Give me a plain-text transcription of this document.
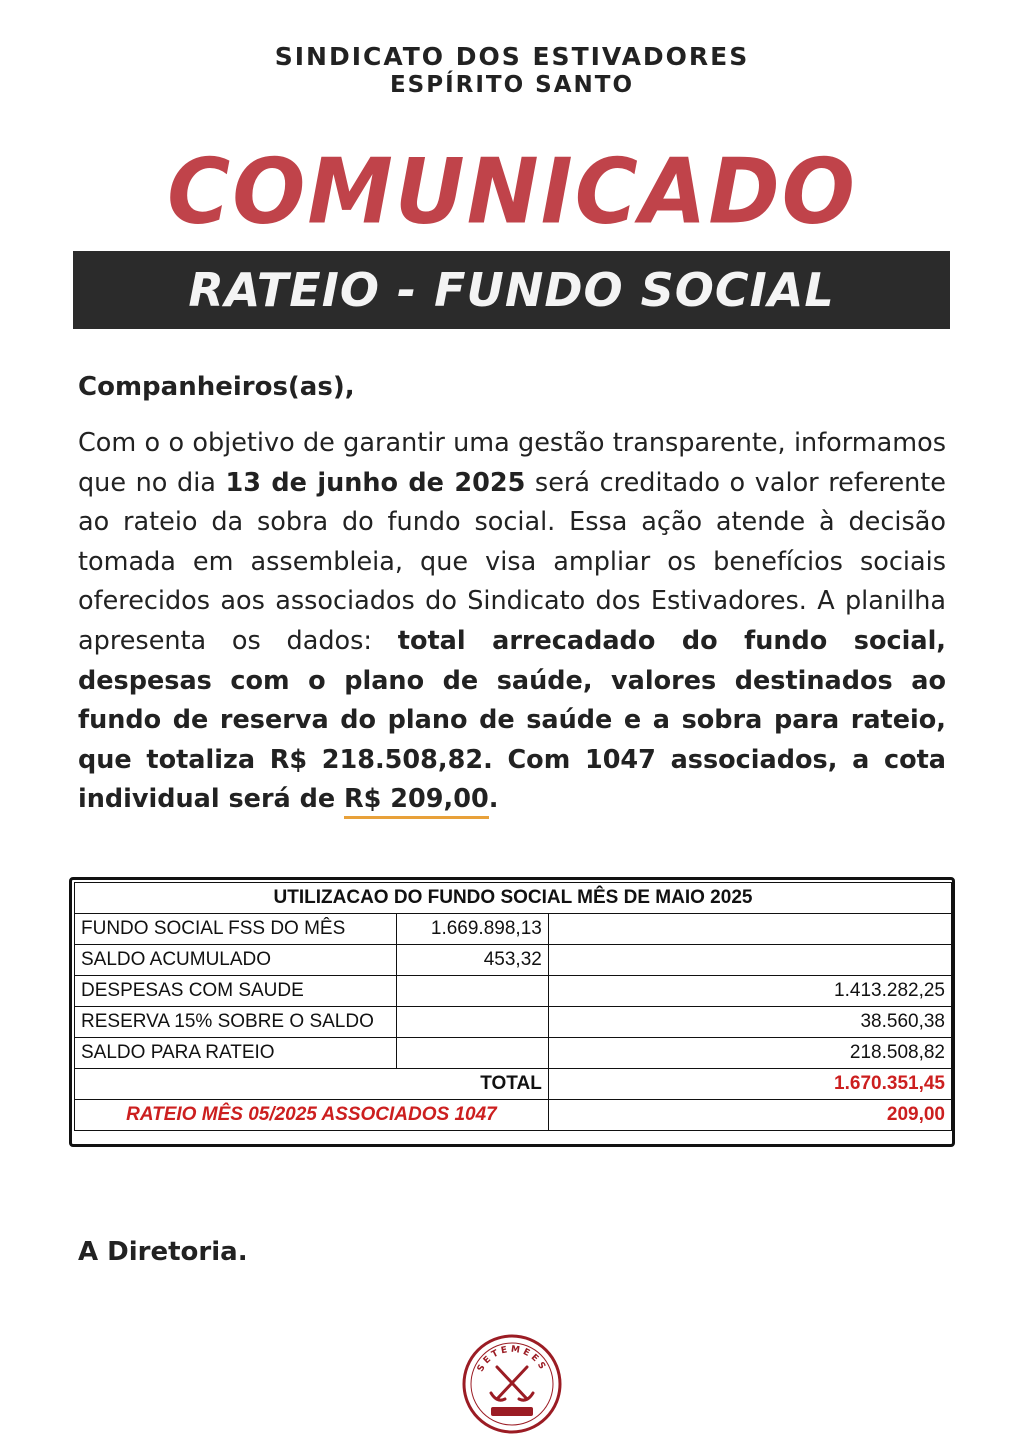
SINDICATO DOS ESTIVADORES
ESPÍRITO SANTO
COMUNICADO
RATEIO - FUNDO SOCIAL
Companheiros(as),
Com o o objetivo de garantir uma gestão transparente, informamos que no dia 13 de junho de 2025 será creditado o valor referente ao rateio da sobra do fundo social. Essa ação atende à decisão tomada em assembleia, que visa ampliar os benefícios sociais oferecidos aos associados do Sindicato dos Estivadores. A planilha apresenta os dados: total arrecadado do fundo social, despesas com o plano de saúde, valores destinados ao fundo de reserva do plano de saúde e a sobra para rateio, que totaliza R$ 218.508,82. Com 1047 associados, a cota individual será de R$ 209,00.
UTILIZACAO DO FUNDO SOCIAL MÊS DE MAIO 2025		
FUNDO SOCIAL FSS DO MÊS	1.669.898,13	
SALDO ACUMULADO	453,32	
DESPESAS COM SAUDE		1.413.282,25
RESERVA 15% SOBRE O SALDO		38.560,38
SALDO PARA RATEIO		218.508,82
TOTAL		1.670.351,45
RATEIO MÊS 05/2025 ASSOCIADOS 1047		209,00
A Diretoria.
SETEMEES
